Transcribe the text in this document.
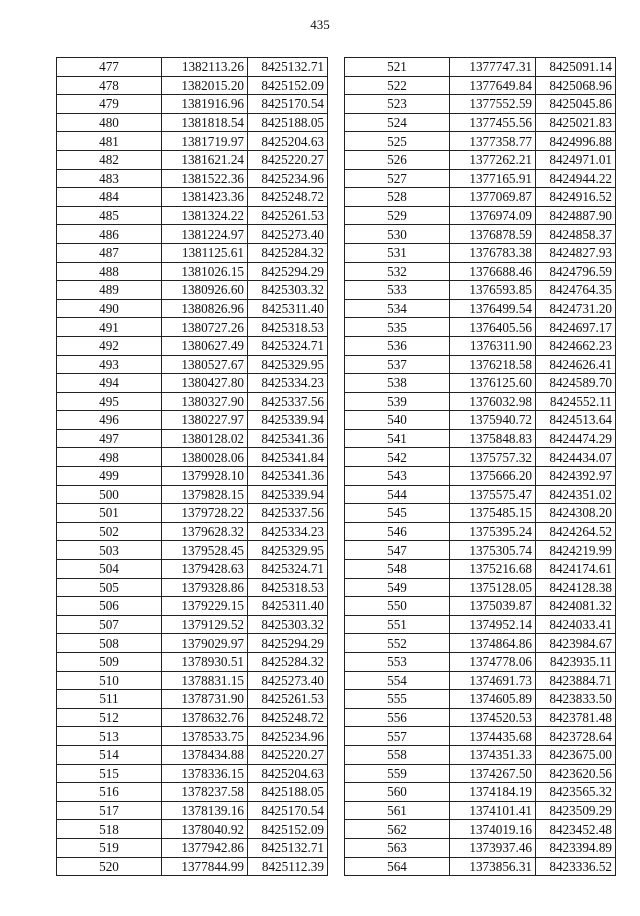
435
477	1382113.26	8425132.71
478	1382015.20	8425152.09
479	1381916.96	8425170.54
480	1381818.54	8425188.05
481	1381719.97	8425204.63
482	1381621.24	8425220.27
483	1381522.36	8425234.96
484	1381423.36	8425248.72
485	1381324.22	8425261.53
486	1381224.97	8425273.40
487	1381125.61	8425284.32
488	1381026.15	8425294.29
489	1380926.60	8425303.32
490	1380826.96	8425311.40
491	1380727.26	8425318.53
492	1380627.49	8425324.71
493	1380527.67	8425329.95
494	1380427.80	8425334.23
495	1380327.90	8425337.56
496	1380227.97	8425339.94
497	1380128.02	8425341.36
498	1380028.06	8425341.84
499	1379928.10	8425341.36
500	1379828.15	8425339.94
501	1379728.22	8425337.56
502	1379628.32	8425334.23
503	1379528.45	8425329.95
504	1379428.63	8425324.71
505	1379328.86	8425318.53
506	1379229.15	8425311.40
507	1379129.52	8425303.32
508	1379029.97	8425294.29
509	1378930.51	8425284.32
510	1378831.15	8425273.40
511	1378731.90	8425261.53
512	1378632.76	8425248.72
513	1378533.75	8425234.96
514	1378434.88	8425220.27
515	1378336.15	8425204.63
516	1378237.58	8425188.05
517	1378139.16	8425170.54
518	1378040.92	8425152.09
519	1377942.86	8425132.71
520	1377844.99	8425112.39
521	1377747.31	8425091.14
522	1377649.84	8425068.96
523	1377552.59	8425045.86
524	1377455.56	8425021.83
525	1377358.77	8424996.88
526	1377262.21	8424971.01
527	1377165.91	8424944.22
528	1377069.87	8424916.52
529	1376974.09	8424887.90
530	1376878.59	8424858.37
531	1376783.38	8424827.93
532	1376688.46	8424796.59
533	1376593.85	8424764.35
534	1376499.54	8424731.20
535	1376405.56	8424697.17
536	1376311.90	8424662.23
537	1376218.58	8424626.41
538	1376125.60	8424589.70
539	1376032.98	8424552.11
540	1375940.72	8424513.64
541	1375848.83	8424474.29
542	1375757.32	8424434.07
543	1375666.20	8424392.97
544	1375575.47	8424351.02
545	1375485.15	8424308.20
546	1375395.24	8424264.52
547	1375305.74	8424219.99
548	1375216.68	8424174.61
549	1375128.05	8424128.38
550	1375039.87	8424081.32
551	1374952.14	8424033.41
552	1374864.86	8423984.67
553	1374778.06	8423935.11
554	1374691.73	8423884.71
555	1374605.89	8423833.50
556	1374520.53	8423781.48
557	1374435.68	8423728.64
558	1374351.33	8423675.00
559	1374267.50	8423620.56
560	1374184.19	8423565.32
561	1374101.41	8423509.29
562	1374019.16	8423452.48
563	1373937.46	8423394.89
564	1373856.31	8423336.52
